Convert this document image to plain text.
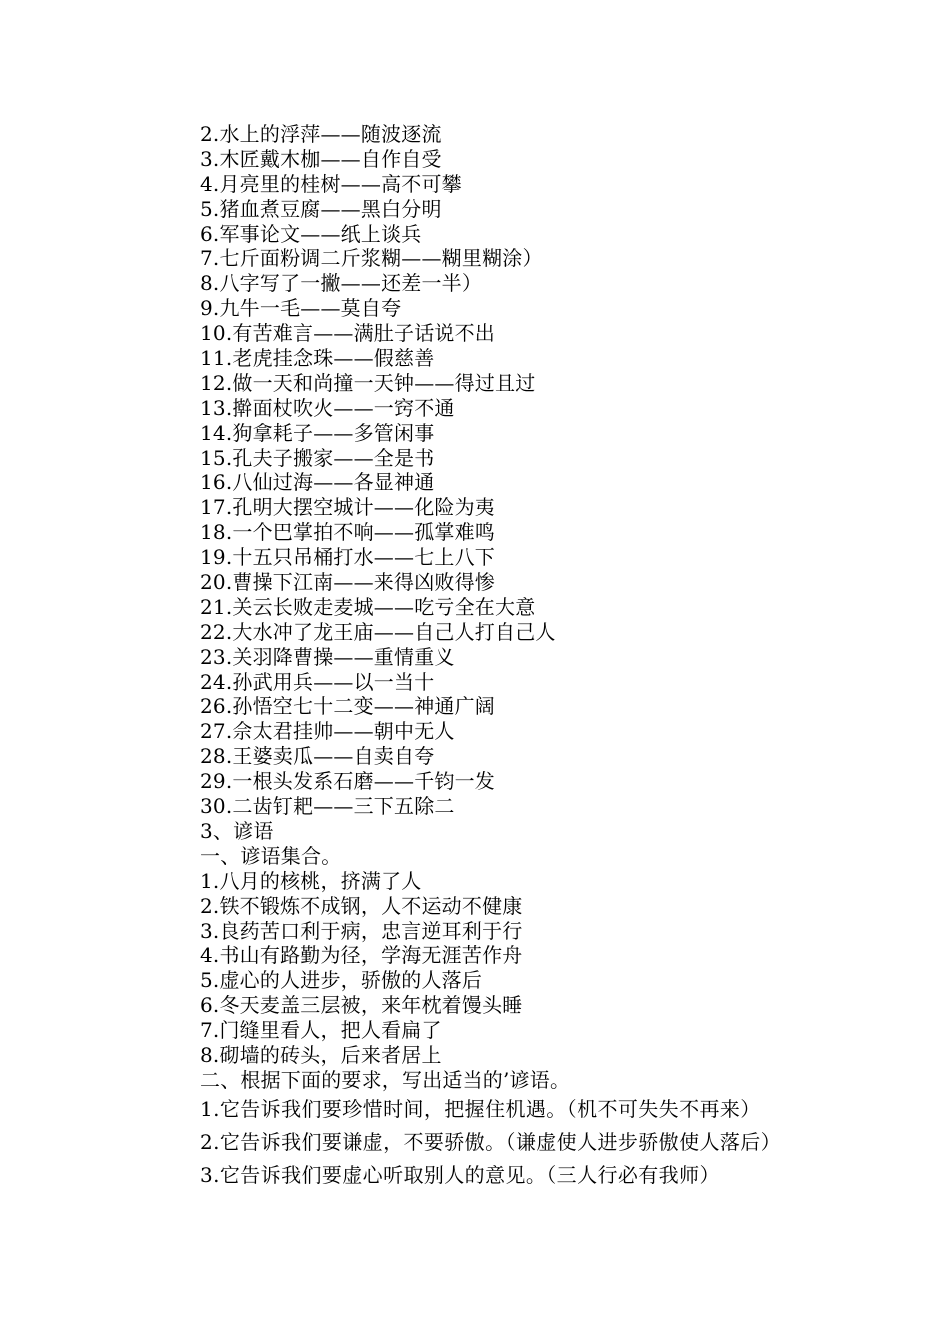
2.水上的浮萍——随波逐流
3.木匠戴木枷——自作自受
4.月亮里的桂树——高不可攀
5.猪血煮豆腐——黑白分明
6.军事论文——纸上谈兵
7.七斤面粉调二斤浆糊——糊里糊涂）
8.八字写了一撇——还差一半）
9.九牛一毛——莫自夸
10.有苦难言——满肚子话说不出
11.老虎挂念珠——假慈善
12.做一天和尚撞一天钟——得过且过
13.擀面杖吹火——一窍不通
14.狗拿耗子——多管闲事
15.孔夫子搬家——全是书
16.八仙过海——各显神通
17.孔明大摆空城计——化险为夷
18.一个巴掌拍不响——孤掌难鸣
19.十五只吊桶打水——七上八下
20.曹操下江南——来得凶败得惨
21.关云长败走麦城——吃亏全在大意
22.大水冲了龙王庙——自己人打自己人
23.关羽降曹操——重情重义
24.孙武用兵——以一当十
26.孙悟空七十二变——神通广阔
27.佘太君挂帅——朝中无人
28.王婆卖瓜——自卖自夸
29.一根头发系石磨——千钧一发
30.二齿钉耙——三下五除二
3、谚语
一、谚语集合。
1.八月的核桃，挤满了人
2.铁不锻炼不成钢，人不运动不健康
3.良药苦口利于病，忠言逆耳利于行
4.书山有路勤为径，学海无涯苦作舟
5.虚心的人进步，骄傲的人落后
6.冬天麦盖三层被，来年枕着馒头睡
7.门缝里看人，把人看扁了
8.砌墙的砖头，后来者居上
二、根据下面的要求，写出适当的’谚语。
1.它告诉我们要珍惜时间，把握住机遇。（机不可失失不再来）
2.它告诉我们要谦虚，不要骄傲。（谦虚使人进步骄傲使人落后）
3.它告诉我们要虚心听取别人的意见。（三人行必有我师）
